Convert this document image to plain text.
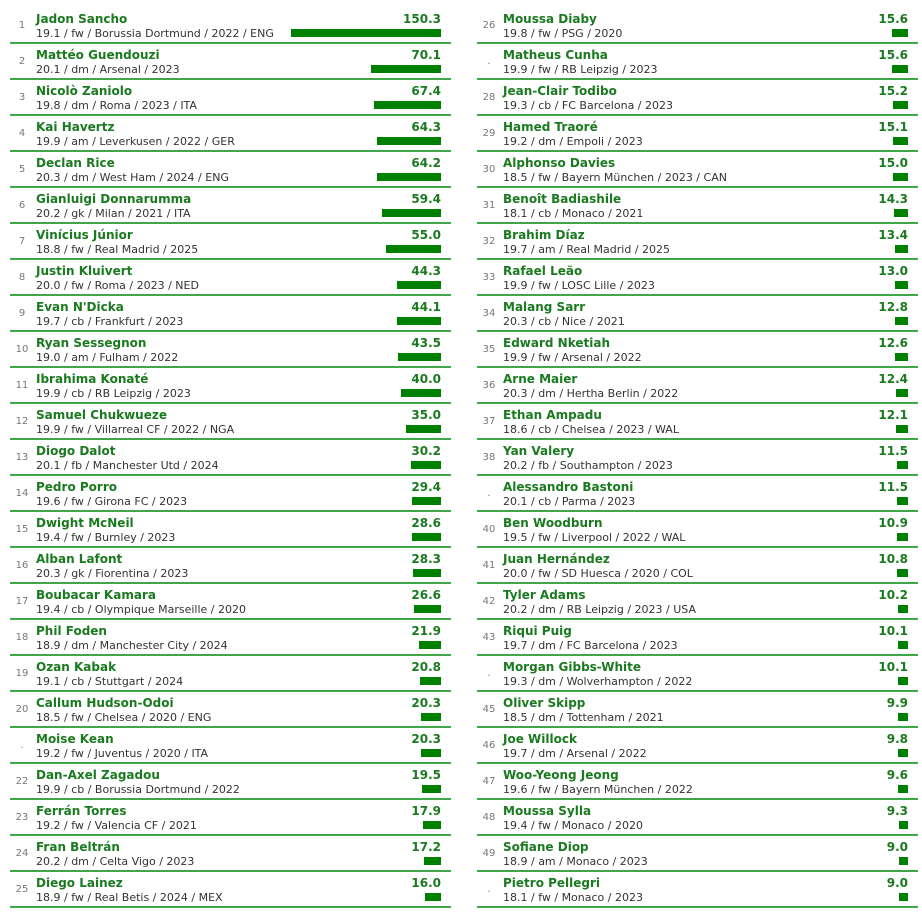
1 Jadon Sancho
19.1 / fw / Borussia Dortmund / 2022 / ENG
150.3
2 Mattéo Guendouzi
20.1 / dm / Arsenal / 2023
70.1
3 Nicolò Zaniolo
19.8 / dm / Roma / 2023 / ITA
67.4
4 Kai Havertz
19.9 / am / Leverkusen / 2022 / GER
64.3
5 Declan Rice
20.3 / dm / West Ham / 2024 / ENG
64.2
6 Gianluigi Donnarumma
20.2 / gk / Milan / 2021 / ITA
59.4
7 Vinícius Júnior
18.8 / fw / Real Madrid / 2025
55.0
8 Justin Kluivert
20.0 / fw / Roma / 2023 / NED
44.3
9 Evan N'Dicka
19.7 / cb / Frankfurt / 2023
44.1
10 Ryan Sessegnon
19.0 / am / Fulham / 2022
43.5
11 Ibrahima Konaté
19.9 / cb / RB Leipzig / 2023
40.0
12 Samuel Chukwueze
19.9 / fw / Villarreal CF / 2022 / NGA
35.0
13 Diogo Dalot
20.1 / fb / Manchester Utd / 2024
30.2
14 Pedro Porro
19.6 / fw / Girona FC / 2023
29.4
15 Dwight McNeil
19.4 / fw / Burnley / 2023
28.6
16 Alban Lafont
20.3 / gk / Fiorentina / 2023
28.3
17 Boubacar Kamara
19.4 / cb / Olympique Marseille / 2020
26.6
18 Phil Foden
18.9 / dm / Manchester City / 2024
21.9
19 Ozan Kabak
19.1 / cb / Stuttgart / 2024
20.8
20 Callum Hudson-Odoi
18.5 / fw / Chelsea / 2020 / ENG
20.3
.	Moise Kean
19.2 / fw / Juventus / 2020 / ITA
20.3
22 Dan-Axel Zagadou
19.9 / cb / Borussia Dortmund / 2022
19.5
23 Ferrán Torres
19.2 / fw / Valencia CF / 2021
17.9
24 Fran Beltrán
20.2 / dm / Celta Vigo / 2023
17.2
25 Diego Lainez
18.9 / fw / Real Betis / 2024 / MEX
16.0
26 Moussa Diaby
19.8 / fw / PSG / 2020
15.6
.	Matheus Cunha
19.9 / fw / RB Leipzig / 2023
15.6
28 Jean-Clair Todibo
19.3 / cb / FC Barcelona / 2023
15.2
29 Hamed Traoré
19.2 / dm / Empoli / 2023
15.1
30 Alphonso Davies
18.5 / fw / Bayern München / 2023 / CAN
15.0
31 Benoît Badiashile
18.1 / cb / Monaco / 2021
14.3
32 Brahim Díaz
19.7 / am / Real Madrid / 2025
13.4
33 Rafael Leão
19.9 / fw / LOSC Lille / 2023
13.0
34 Malang Sarr
20.3 / cb / Nice / 2021
12.8
35 Edward Nketiah
19.9 / fw / Arsenal / 2022
12.6
36 Arne Maier
20.3 / dm / Hertha Berlin / 2022
12.4
37 Ethan Ampadu
18.6 / cb / Chelsea / 2023 / WAL
12.1
38 Yan Valery
20.2 / fb / Southampton / 2023
11.5
.	Alessandro Bastoni
20.1 / cb / Parma / 2023
11.5
40 Ben Woodburn
19.5 / fw / Liverpool / 2022 / WAL
10.9
41 Juan Hernández
20.0 / fw / SD Huesca / 2020 / COL
10.8
42 Tyler Adams
20.2 / dm / RB Leipzig / 2023 / USA
10.2
43 Riqui Puig
19.7 / dm / FC Barcelona / 2023
10.1
.	Morgan Gibbs-White
19.3 / dm / Wolverhampton / 2022
10.1
45 Oliver Skipp
18.5 / dm / Tottenham / 2021
9.9
46 Joe Willock
19.7 / dm / Arsenal / 2022
9.8
47 Woo-Yeong Jeong
19.6 / fw / Bayern München / 2022
9.6
48 Moussa Sylla
19.4 / fw / Monaco / 2020
9.3
49 Sofiane Diop
18.9 / am / Monaco / 2023
9.0
.	Pietro Pellegri
18.1 / fw / Monaco / 2023
9.0
